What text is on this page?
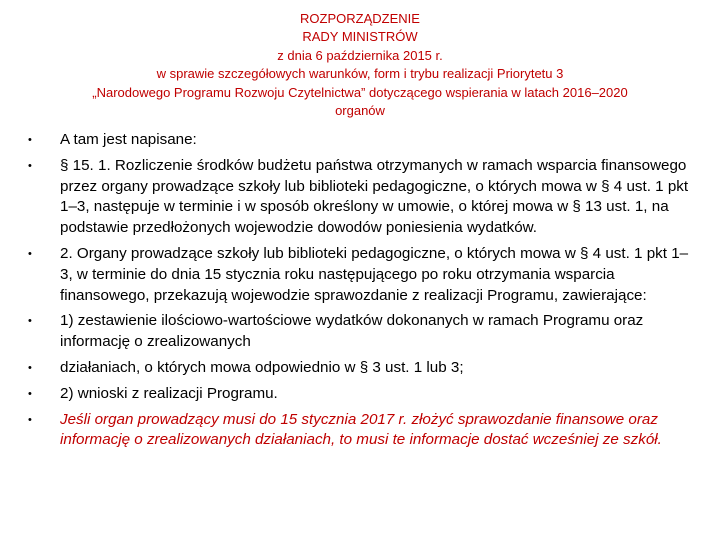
ROZPORZĄDZENIE
RADY MINISTRÓW
z dnia 6 października 2015 r.
w sprawie szczegółowych warunków, form i trybu realizacji Priorytetu 3
„Narodowego Programu Rozwoju Czytelnictwa” dotyczącego wspierania w latach 2016–2020
organów
• A tam jest napisane:
• § 15. 1. Rozliczenie środków budżetu państwa otrzymanych w ramach wsparcia finansowego przez organy prowadzące szkoły lub biblioteki pedagogiczne, o których mowa w § 4 ust. 1 pkt 1–3, następuje w terminie i w sposób określony w umowie, o której mowa w § 13 ust. 1, na podstawie przedłożonych wojewodzie dowodów poniesienia wydatków.
• 2. Organy prowadzące szkoły lub biblioteki pedagogiczne, o których mowa w § 4 ust. 1 pkt 1–3, w terminie do dnia 15 stycznia roku następującego po roku otrzymania wsparcia finansowego, przekazują wojewodzie sprawozdanie z realizacji Programu, zawierające:
• 1) zestawienie ilościowo-wartościowe wydatków dokonanych w ramach Programu oraz informację o zrealizowanych
• działaniach, o których mowa odpowiednio w § 3 ust. 1 lub 3;
• 2) wnioski z realizacji Programu.
• Jeśli organ prowadzący musi do 15 stycznia 2017 r. złożyć sprawozdanie finansowe oraz informację o zrealizowanych działaniach, to musi te informacje dostać wcześniej ze szkół.
